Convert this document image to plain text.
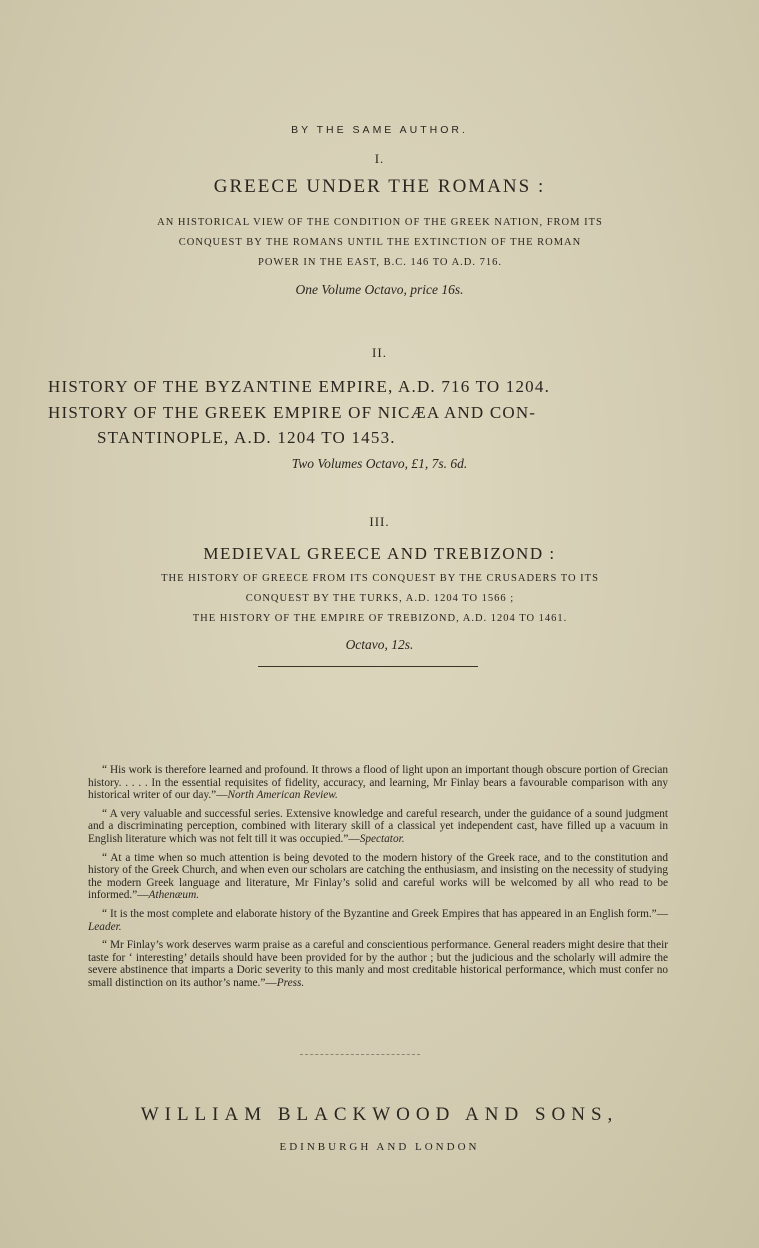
BY THE SAME AUTHOR.
I.
GREECE UNDER THE ROMANS :
AN HISTORICAL VIEW OF THE CONDITION OF THE GREEK NATION, FROM ITS
CONQUEST BY THE ROMANS UNTIL THE EXTINCTION OF THE ROMAN
POWER IN THE EAST, B.C. 146 TO A.D. 716.
One Volume Octavo, price 16s.
II.
HISTORY OF THE BYZANTINE EMPIRE, A.D. 716 TO 1204.
HISTORY OF THE GREEK EMPIRE OF NICÆA AND CON-
STANTINOPLE, A.D. 1204 TO 1453.
Two Volumes Octavo, £1, 7s. 6d.
III.
MEDIEVAL GREECE AND TREBIZOND :
THE HISTORY OF GREECE FROM ITS CONQUEST BY THE CRUSADERS TO ITS
CONQUEST BY THE TURKS, A.D. 1204 TO 1566 ;
THE HISTORY OF THE EMPIRE OF TREBIZOND, A.D. 1204 TO 1461.
Octavo, 12s.

“ His work is therefore learned and profound. It throws a flood of light upon an important though obscure portion of Grecian history. . . . . In the essential requisites of fidelity, accuracy, and learning, Mr Finlay bears a favourable comparison with any historical writer of our day.”—North American Review.

“ A very valuable and successful series. Extensive knowledge and careful research, under the guidance of a sound judgment and a discriminating perception, combined with literary skill of a classical yet independent cast, have filled up a vacuum in English literature which was not felt till it was occupied.”—Spectator.

“ At a time when so much attention is being devoted to the modern history of the Greek race, and to the constitution and history of the Greek Church, and when even our scholars are catching the enthusiasm, and insisting on the necessity of studying the modern Greek language and literature, Mr Finlay’s solid and careful works will be welcomed by all who read to be informed.”—Athenæum.

“ It is the most complete and elaborate history of the Byzantine and Greek Empires that has appeared in an English form.”—Leader.

“ Mr Finlay’s work deserves warm praise as a careful and conscientious performance. General readers might desire that their taste for ‘ interesting’ details should have been provided for by the author ; but the judicious and the scholarly will admire the severe abstinence that imparts a Doric severity to this manly and most creditable historical performance, which must confer no small distinction on its author’s name.”—Press.

WILLIAM BLACKWOOD AND SONS,
EDINBURGH AND LONDON
